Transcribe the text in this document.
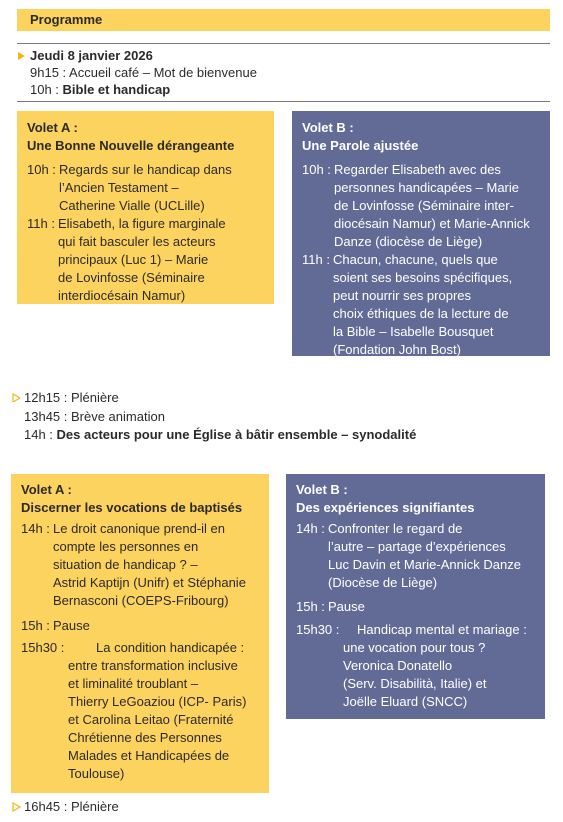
Programme
Jeudi 8 janvier 2026
9h15 : Accueil café – Mot de bienvenue
10h : Bible et handicap
Volet A :
Une Bonne Nouvelle dérangeante
10h : Regards sur le handicap dans
l’Ancien Testament –
Catherine Vialle (UCLille)
11h : Elisabeth, la figure marginale
qui fait basculer les acteurs
principaux (Luc 1) – Marie
de Lovinfosse (Séminaire
interdiocésain Namur)
Volet B :
Une Parole ajustée
10h : Regarder Elisabeth avec des
personnes handicapées – Marie
de Lovinfosse (Séminaire inter-
diocésain Namur) et Marie-Annick
Danze (diocèse de Liège)
11h : Chacun, chacune, quels que
soient ses besoins spécifiques,
peut nourrir ses propres
choix éthiques de la lecture de
la Bible – Isabelle Bousquet
(Fondation John Bost)
12h15 : Plénière
13h45 : Brève animation
14h : Des acteurs pour une Église à bâtir ensemble – synodalité
Volet A :
Discerner les vocations de baptisés
14h : Le droit canonique prend-il en
compte les personnes en
situation de handicap ? –
Astrid Kaptijn (Unifr) et Stéphanie
Bernasconi (COEPS-Fribourg)
15h : Pause
15h30 :	La condition handicapée :
entre transformation inclusive
et liminalité troublant –
Thierry LeGoaziou (ICP- Paris)
et Carolina Leitao (Fraternité
Chrétienne des Personnes
Malades et Handicapées de
Toulouse)
Volet B :
Des expériences signifiantes
14h : Confronter le regard de
l’autre – partage d’expériences
Luc Davin et Marie-Annick Danze
(Diocèse de Liège)
15h : Pause
15h30 :	Handicap mental et mariage :
une vocation pour tous ?
Veronica Donatello
(Serv. Disabilità, Italie) et
Joëlle Eluard (SNCC)
16h45 : Plénière
